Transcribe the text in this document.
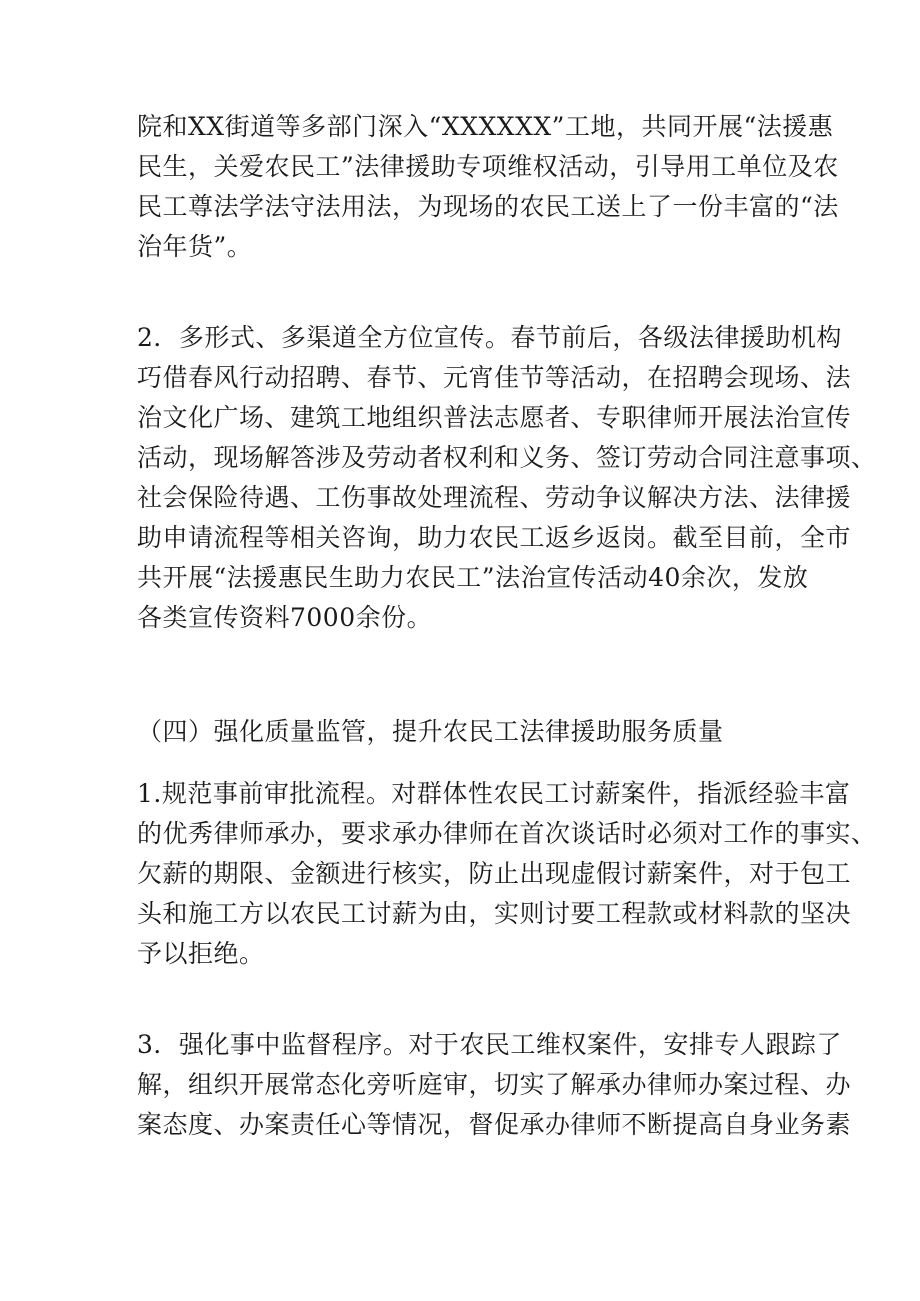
院和XX街道等多部门深入“XXXXXX”工地，共同开展“法援惠
民生，关爱农民工”法律援助专项维权活动，引导用工单位及农
民工尊法学法守法用法，为现场的农民工送上了一份丰富的“法
治年货”。
2．多形式、多渠道全方位宣传。春节前后，各级法律援助机构
巧借春风行动招聘、春节、元宵佳节等活动，在招聘会现场、法
治文化广场、建筑工地组织普法志愿者、专职律师开展法治宣传
活动，现场解答涉及劳动者权利和义务、签订劳动合同注意事项、
社会保险待遇、工伤事故处理流程、劳动争议解决方法、法律援
助申请流程等相关咨询，助力农民工返乡返岗。截至目前，全市
共开展“法援惠民生助力农民工”法治宣传活动40余次，发放
各类宣传资料7000余份。
（四）强化质量监管，提升农民工法律援助服务质量
1.规范事前审批流程。对群体性农民工讨薪案件，指派经验丰富
的优秀律师承办，要求承办律师在首次谈话时必须对工作的事实、
欠薪的期限、金额进行核实，防止出现虚假讨薪案件，对于包工
头和施工方以农民工讨薪为由，实则讨要工程款或材料款的坚决
予以拒绝。
3．强化事中监督程序。对于农民工维权案件，安排专人跟踪了
解，组织开展常态化旁听庭审，切实了解承办律师办案过程、办
案态度、办案责任心等情况，督促承办律师不断提高自身业务素
